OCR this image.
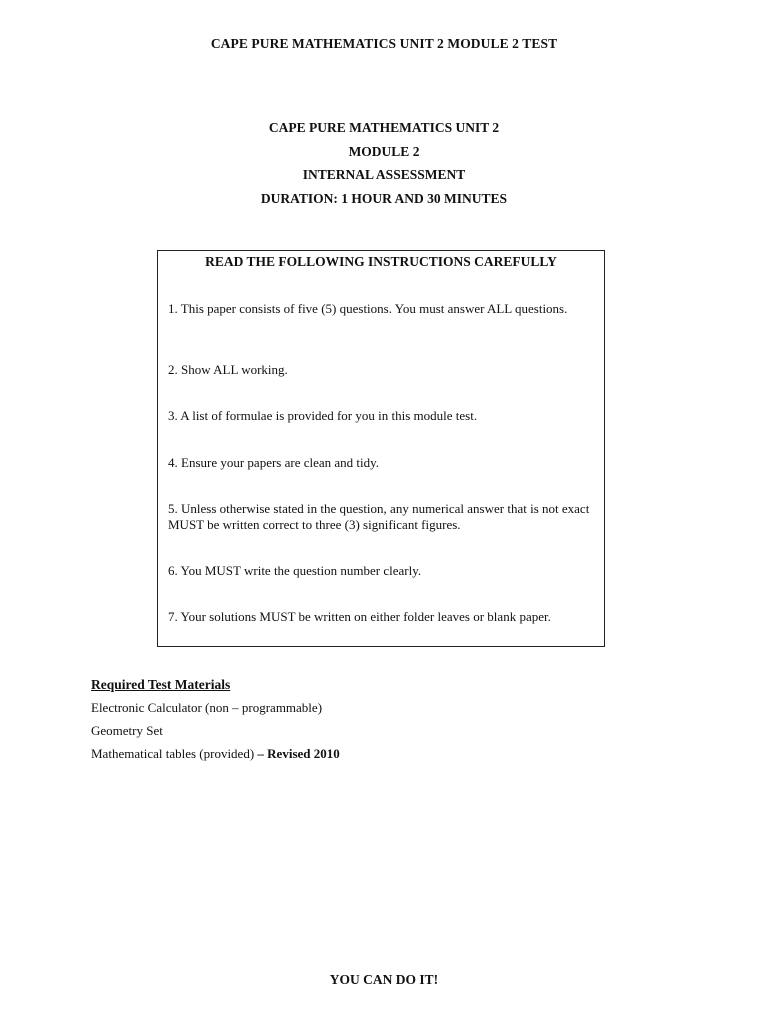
CAPE PURE MATHEMATICS UNIT 2 MODULE 2 TEST
CAPE PURE MATHEMATICS UNIT 2
MODULE 2
INTERNAL ASSESSMENT
DURATION: 1 HOUR AND 30 MINUTES
READ THE FOLLOWING INSTRUCTIONS CAREFULLY
1. This paper consists of five (5) questions. You must answer ALL questions.
2. Show ALL working.
3. A list of formulae is provided for you in this module test.
4. Ensure your papers are clean and tidy.
5. Unless otherwise stated in the question, any numerical answer that is not exact MUST be written correct to three (3) significant figures.
6. You MUST write the question number clearly.
7. Your solutions MUST be written on either folder leaves or blank paper.
Required Test Materials
Electronic Calculator (non – programmable)
Geometry Set
Mathematical tables (provided) – Revised 2010
YOU CAN DO IT!
